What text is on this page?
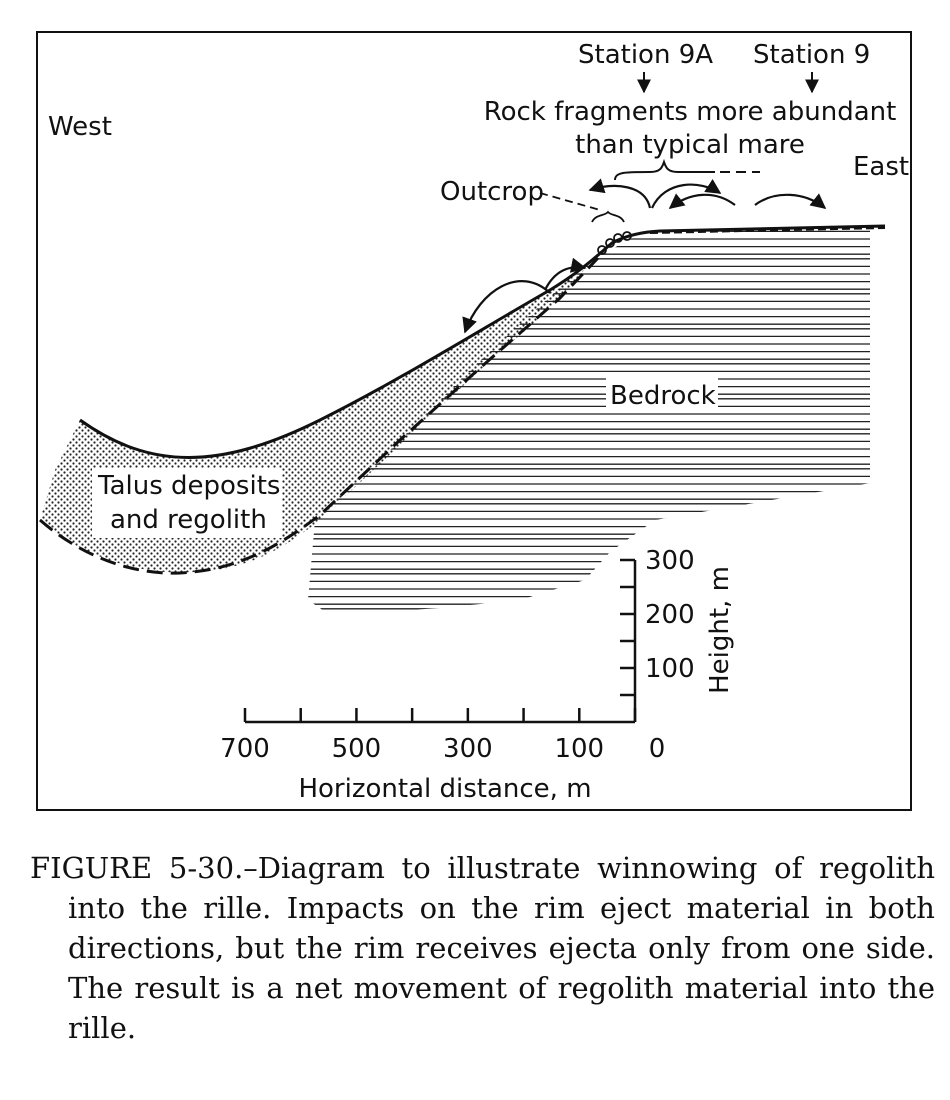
West
East
Station 9A Station 9
Rock fragments more abundant
than typical mare
Outcrop
Bedrock
Talus deposits
and regolith
700 500 300 100 0
Horizontal distance, m
300
200
100 Height, m

FIGURE 5-30.–Diagram to illustrate winnowing of regolith into the rille. Impacts on the rim eject material in both directions, but the rim receives ejecta only from one side. The result is a net movement of regolith material into the rille.
